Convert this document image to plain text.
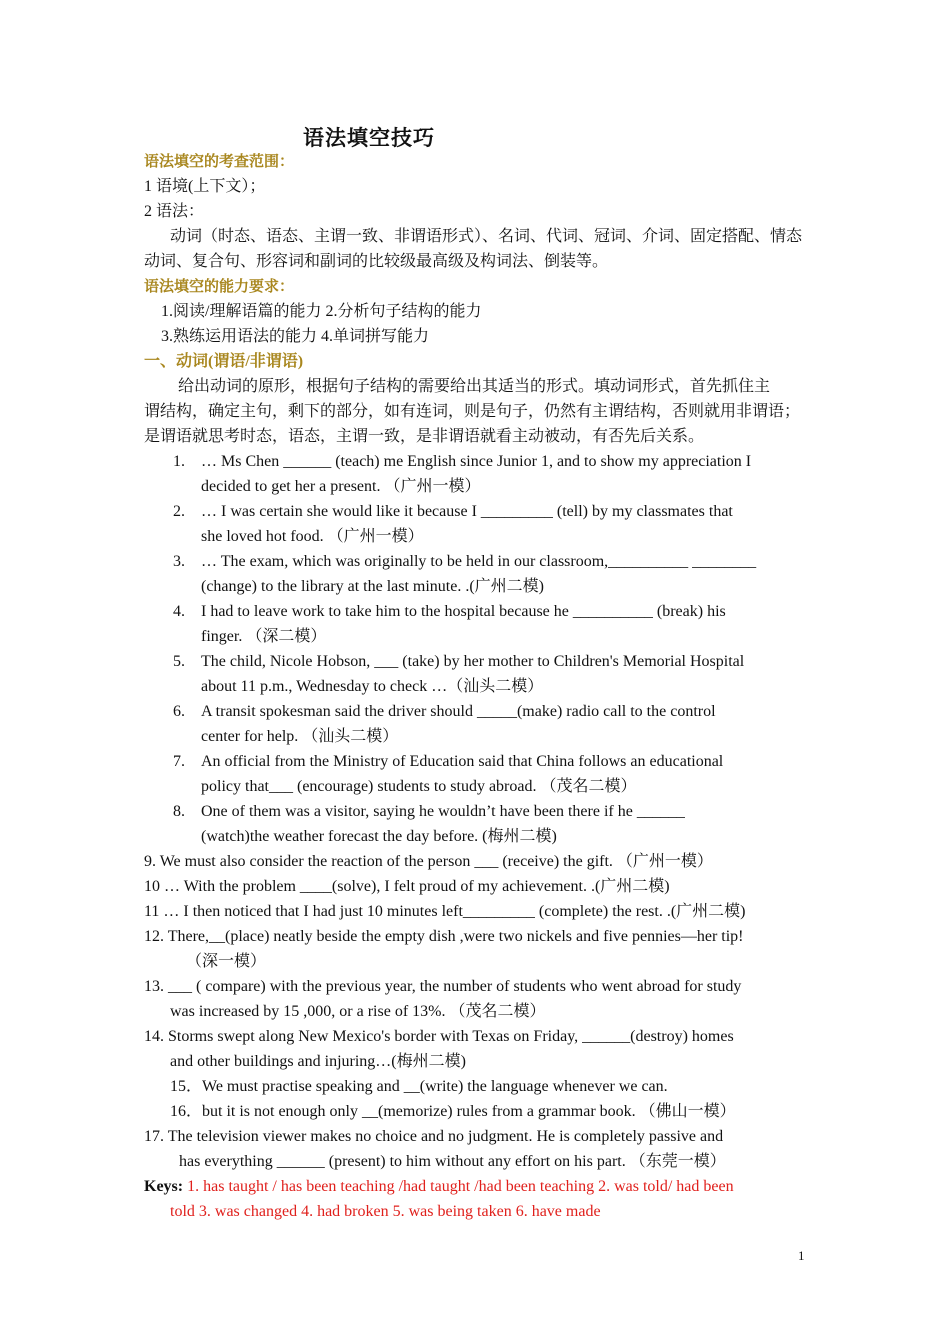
语法填空技巧
语法填空的考查范围：
1 语境(上下文）；
2 语法：
动词（时态、语态、主谓一致、非谓语形式）、名词、代词、冠词、介词、固定搭配、情态
动词、复合句、形容词和副词的比较级最高级及构词法、倒装等。
语法填空的能力要求：
1.阅读/理解语篇的能力 2.分析句子结构的能力
3.熟练运用语法的能力 4.单词拼写能力
一、动词(谓语/非谓语)
给出动词的原形，根据句子结构的需要给出其适当的形式。填动词形式，首先抓住主
谓结构，确定主句，剩下的部分，如有连词，则是句子，仍然有主谓结构，否则就用非谓语；
是谓语就思考时态，语态，主谓一致，是非谓语就看主动被动，有否先后关系。
1. … Ms Chen ______ (teach) me English since Junior 1, and to show my appreciation I
decided to get her a present. （广州一模）
2. … I was certain she would like it because I _________ (tell) by my classmates that
she loved hot food. （广州一模）
3. … The exam, which was originally to be held in our classroom,__________ ________
(change) to the library at the last minute. .(广州二模)
4. I had to leave work to take him to the hospital because he __________ (break) his
finger. （深二模）
5. The child, Nicole Hobson, ___ (take) by her mother to Children's Memorial Hospital
about 11 p.m., Wednesday to check …（汕头二模）
6. A transit spokesman said the driver should _____(make) radio call to the control
center for help. （汕头二模）
7. An official from the Ministry of Education said that China follows an educational
policy that___ (encourage) students to study abroad. （茂名二模）
8. One of them was a visitor, saying he wouldn’t have been there if he ______
(watch)the weather forecast the day before. (梅州二模)
9. We must also consider the reaction of the person ___ (receive) the gift. （广州一模）
10 … With the problem ____(solve), I felt proud of my achievement. .(广州二模)
11 … I then noticed that I had just 10 minutes left_________ (complete) the rest. .(广州二模)
12. There,__(place) neatly beside the empty dish ,were two nickels and five pennies—her tip!
（深一模）
13. ___ ( compare) with the previous year, the number of students who went abroad for study
was increased by 15 ,000, or a rise of 13%. （茂名二模）
14. Storms swept along New Mexico's border with Texas on Friday, ______(destroy) homes
and other buildings and injuring…(梅州二模)
15．We must practise speaking and __(write) the language whenever we can.
16．but it is not enough only __(memorize) rules from a grammar book. （佛山一模）
17. The television viewer makes no choice and no judgment. He is completely passive and
has everything ______ (present) to him without any effort on his part. （东莞一模）
Keys: 1. has taught / has been teaching /had taught /had been teaching 2. was told/ had been
told 3. was changed 4. had broken 5. was being taken 6. have made
1
